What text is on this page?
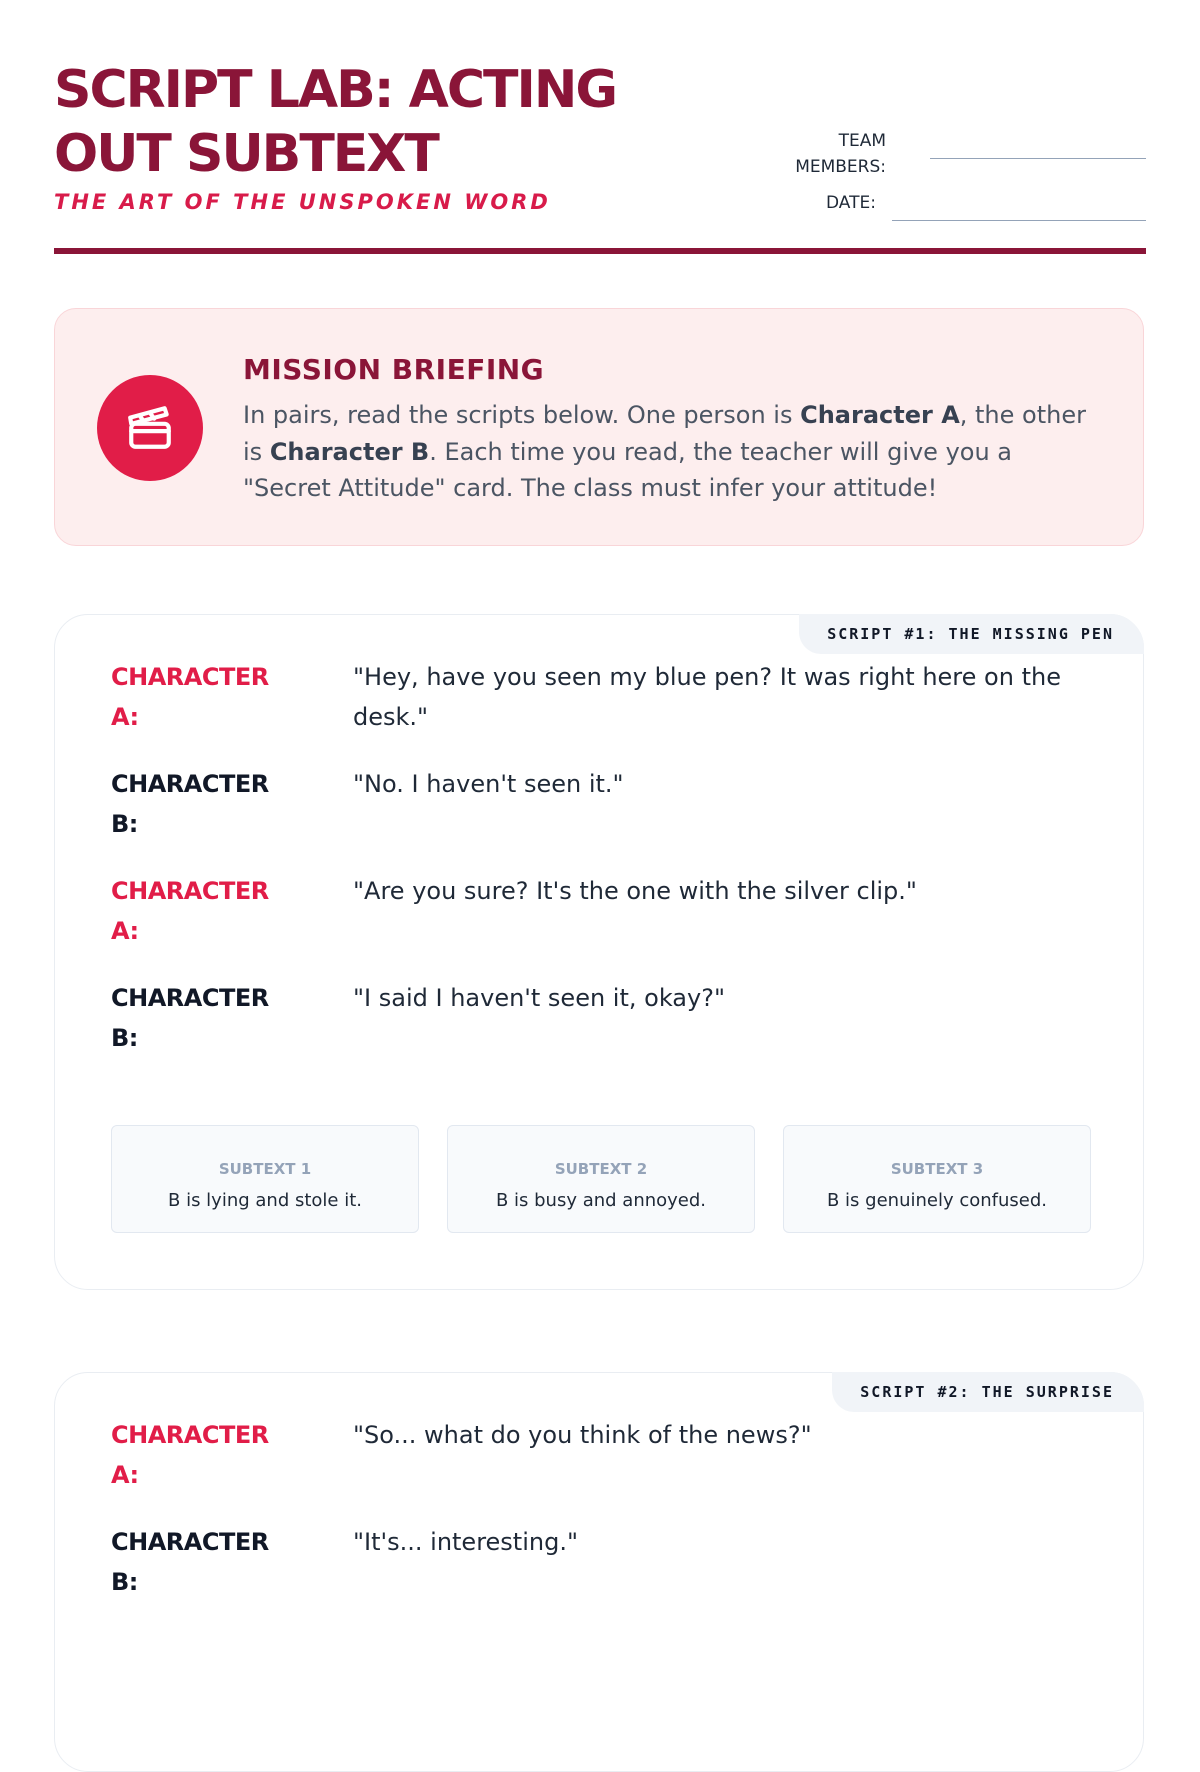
SCRIPT LAB: ACTING OUT SUBTEXT
THE ART OF THE UNSPOKEN WORD
TEAM MEMBERS:
DATE:
MISSION BRIEFING
In pairs, read the scripts below. One person is Character A, the other is Character B. Each time you read, the teacher will give you a "Secret Attitude" card. The class must infer your attitude!
SCRIPT #1: THE MISSING PEN
CHARACTER A:
"Hey, have you seen my blue pen? It was right here on the desk."
CHARACTER B:
"No. I haven't seen it."
CHARACTER A:
"Are you sure? It's the one with the silver clip."
CHARACTER B:
"I said I haven't seen it, okay?"
SUBTEXT 1
B is lying and stole it.
SUBTEXT 2
B is busy and annoyed.
SUBTEXT 3
B is genuinely confused.
SCRIPT #2: THE SURPRISE
CHARACTER A:
"So... what do you think of the news?"
CHARACTER B:
"It's... interesting."
